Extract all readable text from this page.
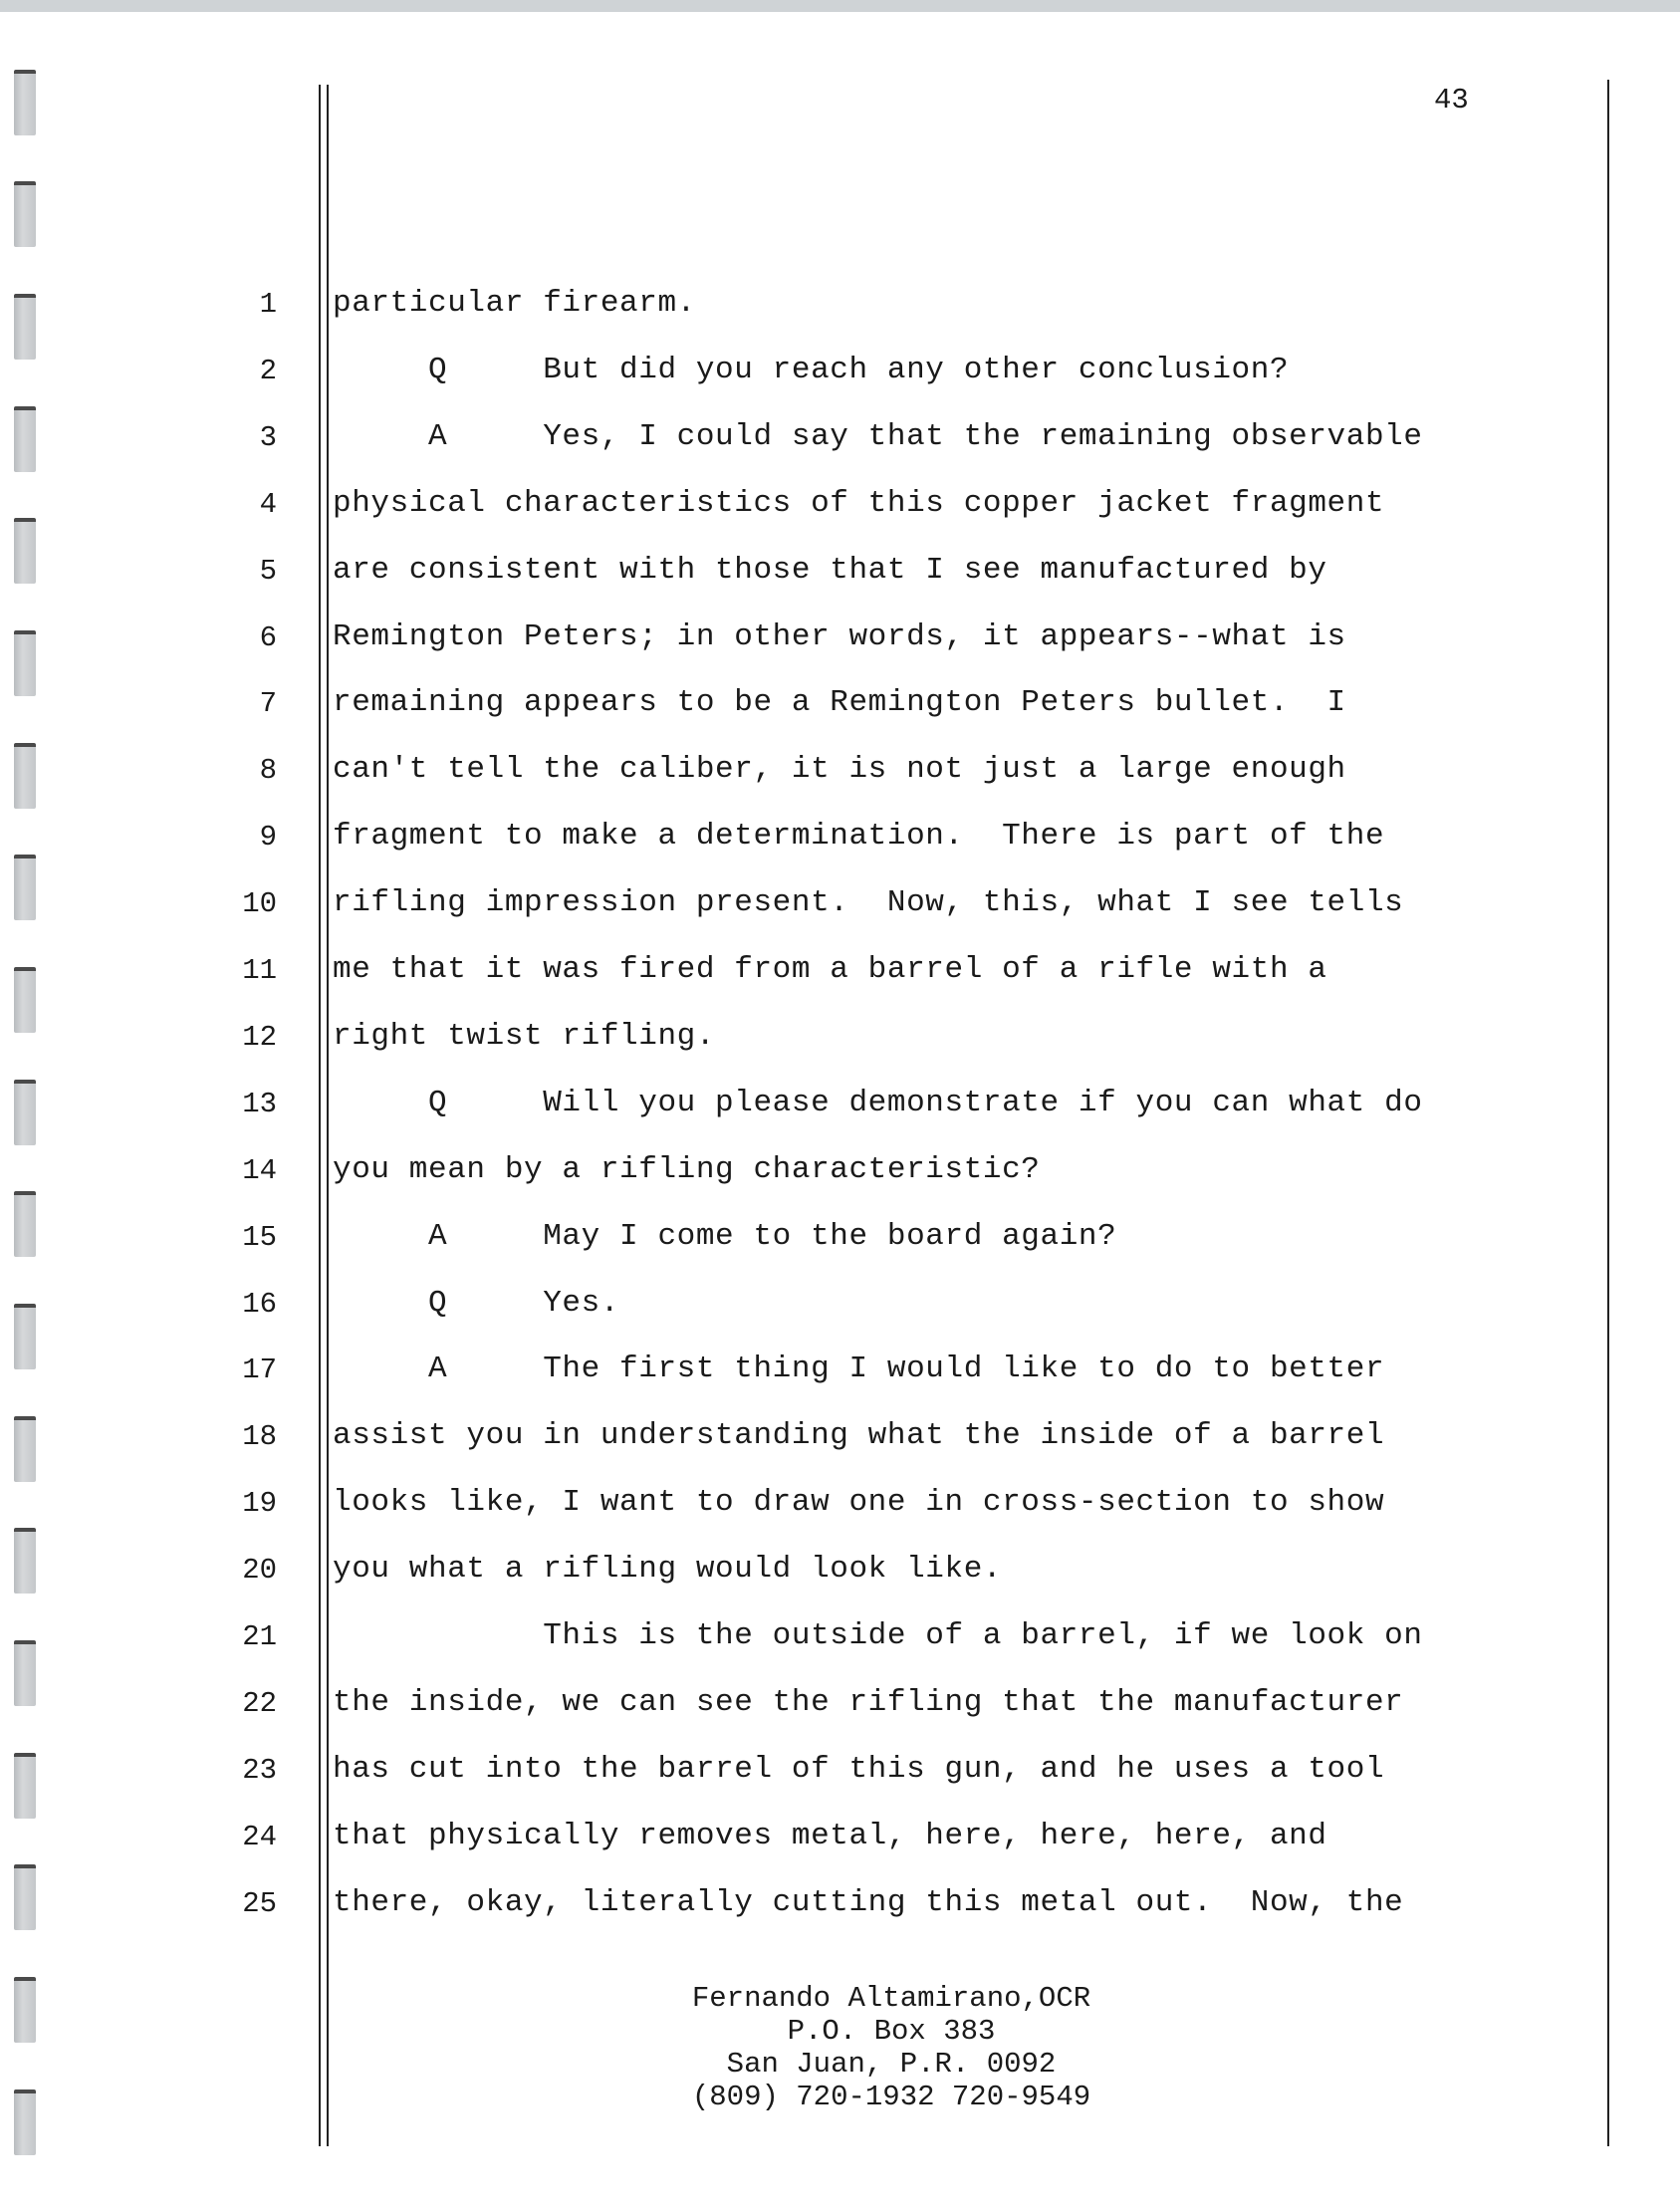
43
1 particular firearm.
2 Q     But did you reach any other conclusion?
3 A     Yes, I could say that the remaining observable
4 physical characteristics of this copper jacket fragment
5 are consistent with those that I see manufactured by
6 Remington Peters; in other words, it appears--what is
7 remaining appears to be a Remington Peters bullet.  I
8 can't tell the caliber, it is not just a large enough
9 fragment to make a determination.  There is part of the
10 rifling impression present.  Now, this, what I see tells
11 me that it was fired from a barrel of a rifle with a
12 right twist rifling.
13 Q     Will you please demonstrate if you can what do
14 you mean by a rifling characteristic?
15 A     May I come to the board again?
16 Q     Yes.
17 A     The first thing I would like to do to better
18 assist you in understanding what the inside of a barrel
19 looks like, I want to draw one in cross-section to show
20 you what a rifling would look like.
21 This is the outside of a barrel, if we look on
22 the inside, we can see the rifling that the manufacturer
23 has cut into the barrel of this gun, and he uses a tool
24 that physically removes metal, here, here, here, and
25 there, okay, literally cutting this metal out.  Now, the
Fernando Altamirano,OCR
P.O. Box 383
San Juan, P.R. 0092
(809) 720-1932 720-9549
